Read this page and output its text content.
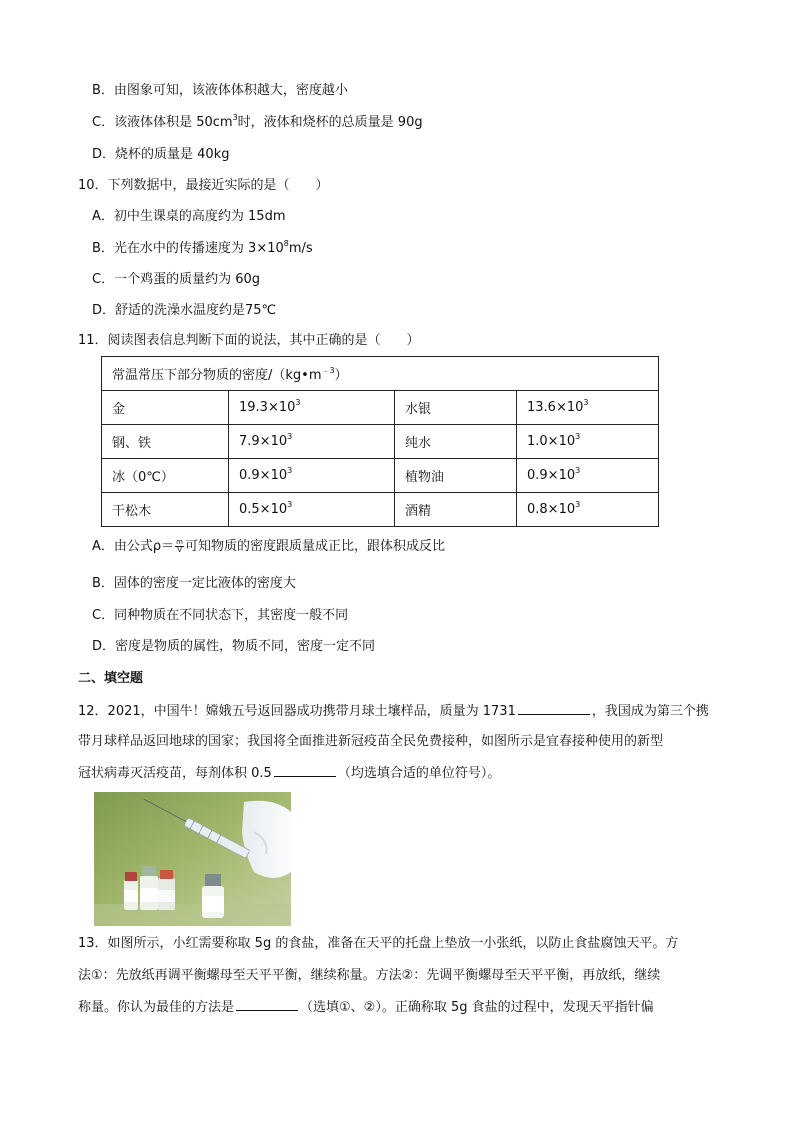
B．由图象可知，该液体体积越大，密度越小
C．该液体体积是 $50cm^3$时，液体和烧杯的总质量是 90g
D．烧杯的质量是 40kg
10．下列数据中，最接近实际的是（　　）
A．初中生课桌的高度约为 15dm
B．光在水中的传播速度为 $3\times 10^8m/s$
C．一个鸡蛋的质量约为 60g
D．舒适的洗澡水温度约是75℃
11．阅读图表信息判断下面的说法，其中正确的是（　　）
常温常压下部分物质的密度$/(kg•m^{﹣3})$			
金	$19.3\times 10^3$	水银	$13.6\times 10^3$
钢、铁	$7.9\times 10^3$	纯水	$1.0\times 10^3$
冰（0℃）	$0.9\times 10^3$	植物油	$0.9\times 10^3$
干松木	$0.5\times 10^3$	酒精	$0.8\times 10^3$
A．由公式$\rho= \frac{m}{V}$ 可知物质的密度跟质量成正比，跟体积成反比
B．固体的密度一定比液体的密度大
C．同种物质在不同状态下，其密度一般不同
D．密度是物质的属性，物质不同，密度一定不同
二、填空题
12．2021，中国牛！嫦娥五号返回器成功携带月球土壤样品，质量为 1731	，我国成为第三个携
带月球样品返回地球的国家；我国将全面推进新冠疫苗全民免费接种，如图所示是宜春接种使用的新型
冠状病毒灭活疫苗，每剂体积 0.5	（均选填合适的单位符号）。
13．如图所示，小红需要称取 5g 的食盐，准备在天平的托盘上垫放一小张纸，以防止食盐腐蚀天平。方
法①：先放纸再调平衡螺母至天平平衡，继续称量。方法②：先调平衡螺母至天平平衡，再放纸，继续
称量。你认为最佳的方法是	（选填①、②）。正确称取 5g 食盐的过程中，发现天平指针偏
